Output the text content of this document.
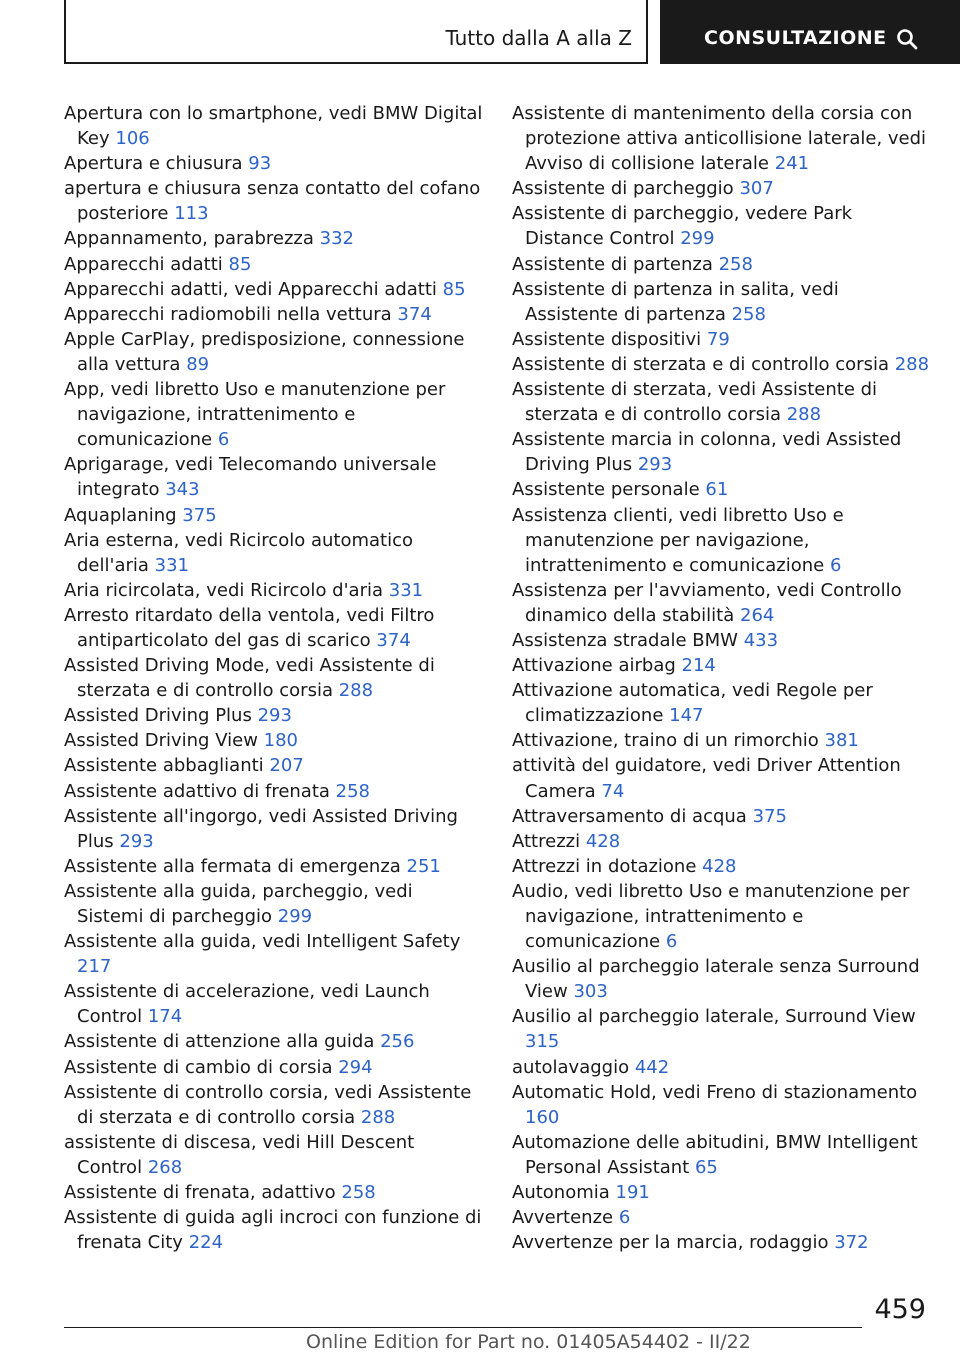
Tutto dalla A alla Z	CONSULTAZIONE

Apertura con lo smartphone, vedi BMW Digital Key 106

Apertura e chiusura 93

apertura e chiusura senza contatto del cofano posteriore 113

Appannamento, parabrezza 332

Apparecchi adatti 85

Apparecchi adatti, vedi Apparecchi adatti 85

Apparecchi radiomobili nella vettura 374

Apple CarPlay, predisposizione, connessione alla vettura 89

App, vedi libretto Uso e manutenzione per navigazione, intrattenimento e comunicazione 6

Aprigarage, vedi Telecomando universale integrato 343

Aquaplaning 375

Aria esterna, vedi Ricircolo automatico dell'aria 331

Aria ricircolata, vedi Ricircolo d'aria 331

Arresto ritardato della ventola, vedi Filtro antiparticolato del gas di scarico 374

Assisted Driving Mode, vedi Assistente di sterzata e di controllo corsia 288

Assisted Driving Plus 293

Assisted Driving View 180

Assistente abbaglianti 207

Assistente adattivo di frenata 258

Assistente all'ingorgo, vedi Assisted Driving Plus 293

Assistente alla fermata di emergenza 251

Assistente alla guida, parcheggio, vedi Sistemi di parcheggio 299

Assistente alla guida, vedi Intelligent Safety 217

Assistente di accelerazione, vedi Launch Control 174

Assistente di attenzione alla guida 256

Assistente di cambio di corsia 294

Assistente di controllo corsia, vedi Assistente di sterzata e di controllo corsia 288

assistente di discesa, vedi Hill Descent Control 268

Assistente di frenata, adattivo 258

Assistente di guida agli incroci con funzione di frenata City 224

Assistente di mantenimento della corsia con protezione attiva anticollisione laterale, vedi Avviso di collisione laterale 241

Assistente di parcheggio 307

Assistente di parcheggio, vedere Park Distance Control 299

Assistente di partenza 258

Assistente di partenza in salita, vedi Assistente di partenza 258

Assistente dispositivi 79

Assistente di sterzata e di controllo corsia 288

Assistente di sterzata, vedi Assistente di sterzata e di controllo corsia 288

Assistente marcia in colonna, vedi Assisted Driving Plus 293

Assistente personale 61

Assistenza clienti, vedi libretto Uso e manutenzione per navigazione, intrattenimento e comunicazione 6

Assistenza per l'avviamento, vedi Controllo dinamico della stabilità 264

Assistenza stradale BMW 433

Attivazione airbag 214

Attivazione automatica, vedi Regole per climatizzazione 147

Attivazione, traino di un rimorchio 381

attività del guidatore, vedi Driver Attention Camera 74

Attraversamento di acqua 375

Attrezzi 428

Attrezzi in dotazione 428

Audio, vedi libretto Uso e manutenzione per navigazione, intrattenimento e comunicazione 6

Ausilio al parcheggio laterale senza Surround View 303

Ausilio al parcheggio laterale, Surround View 315

autolavaggio 442

Automatic Hold, vedi Freno di stazionamento 160

Automazione delle abitudini, BMW Intelligent Personal Assistant 65

Autonomia 191

Avvertenze 6

Avvertenze per la marcia, rodaggio 372

459
Online Edition for Part no. 01405A54402 - II/22
